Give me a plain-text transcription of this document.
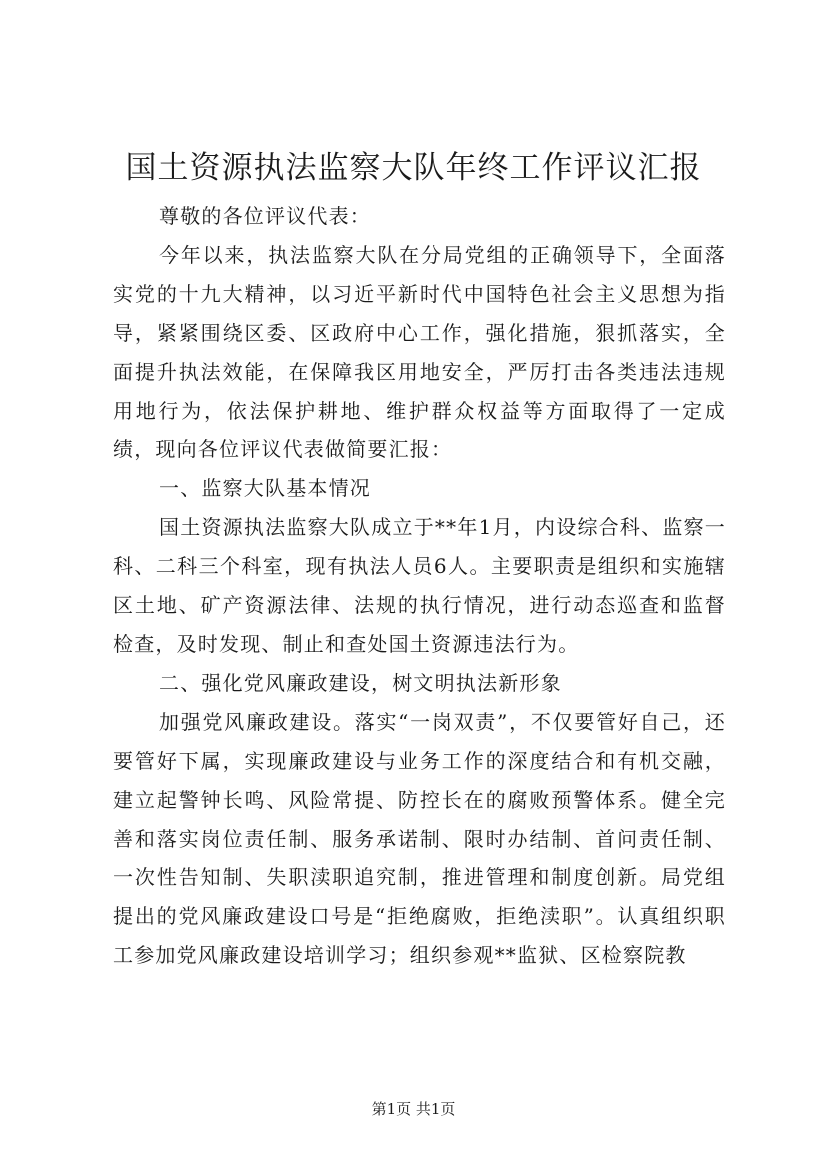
国土资源执法监察大队年终工作评议汇报

尊敬的各位评议代表：

今年以来，执法监察大队在分局党组的正确领导下，全面落实党的十九大精神，以习近平新时代中国特色社会主义思想为指导，紧紧围绕区委、区政府中心工作，强化措施，狠抓落实，全面提升执法效能，在保障我区用地安全，严厉打击各类违法违规用地行为，依法保护耕地、维护群众权益等方面取得了一定成绩，现向各位评议代表做简要汇报：

一、监察大队基本情况

国土资源执法监察大队成立于**年1月，内设综合科、监察一科、二科三个科室，现有执法人员6人。主要职责是组织和实施辖区土地、矿产资源法律、法规的执行情况，进行动态巡查和监督检查，及时发现、制止和查处国土资源违法行为。

二、强化党风廉政建设，树文明执法新形象

加强党风廉政建设。落实“一岗双责”，不仅要管好自己，还要管好下属，实现廉政建设与业务工作的深度结合和有机交融，建立起警钟长鸣、风险常提、防控长在的腐败预警体系。健全完善和落实岗位责任制、服务承诺制、限时办结制、首问责任制、一次性告知制、失职渎职追究制，推进管理和制度创新。局党组提出的党风廉政建设口号是“拒绝腐败，拒绝渎职”。认真组织职工参加党风廉政建设培训学习；组织参观**监狱、区检察院教

第1页 共1页
